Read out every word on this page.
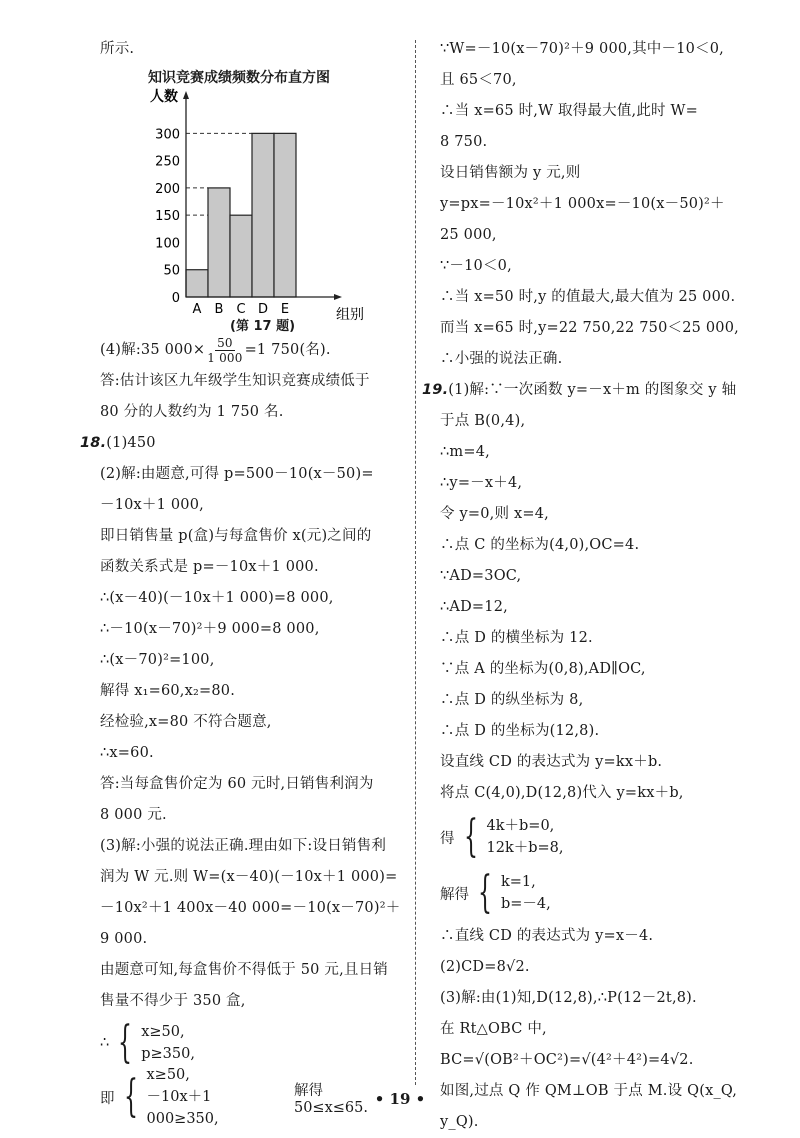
所示.
知识竞赛成绩频数分布直方图
A B C D E
0
50
100
150
200
250
300
人数
组别
(第 17 题)
(4)解:35 $000\times \frac{50}{1 000} =1$ 750(名).
答:估计该区九年级学生知识竞赛成绩低于
80 分的人数约为 1 750 名.
18.(1)450
(2)解:由题意,可得 p=500－10(x－50)=
－10x＋1 000,
即日销售量 p(盒)与每盒售价 x(元)之间的
函数关系式是 p=－10x＋1 000.
∴(x－40)(－10x＋1 000)=8 000,
∴－10(x－70)²＋9 000=8 000,
∴(x－70)²=100,
解得 x₁=60,x₂=80.
经检验,x=80 不符合题意,
∴x=60.
答:当每盒售价定为 60 元时,日销售利润为
8 000 元.
(3)解:小强的说法正确.理由如下:设日销售利
润为 W 元.则 W=(x－40)(－10x＋1 000)=
－10x²＋1 400x－40 000=－10(x－70)²＋
9 000.
由题意可知,每盒售价不得低于 50 元,且日销
售量不得少于 350 盒,
∴ { x≥50,
p≥350,
即 { x≥50,
－10x＋1 000≥350,
解得 50≤x≤65.
∵W=－10(x－70)²＋9 000,其中－10＜0,
且 65＜70,
∴当 x=65 时,W 取得最大值,此时 W=
8 750.
设日销售额为 y 元,则
y=px=－10x²＋1 000x=－10(x－50)²＋
25 000,
∵－10＜0,
∴当 x=50 时,y 的值最大,最大值为 25 000.
而当 x=65 时,y=22 750,22 750＜25 000,
∴小强的说法正确.
19.(1)解:∵一次函数 y=－x＋m 的图象交 y 轴
于点 B(0,4),
∴m=4,
∴y=－x＋4,
令 y=0,则 x=4,
∴点 C 的坐标为(4,0),OC=4.
∵AD=3OC,
∴AD=12,
∴点 D 的横坐标为 12.
∵点 A 的坐标为(0,8),AD∥OC,
∴点 D 的纵坐标为 8,
∴点 D 的坐标为(12,8).
设直线 CD 的表达式为 y=kx＋b.
将点 C(4,0),D(12,8)代入 y=kx＋b,
得 { 4k＋b=0,
12k＋b=8,
解得 { k=1,
b=－4,
∴直线 CD 的表达式为 y=x－4.
(2)CD=8√2.
(3)解:由(1)知,D(12,8),∴P(12－2t,8).
在 Rt△OBC 中,
BC=√(OB²＋OC²)=√(4²＋4²)=4√2.
如图,过点 Q 作 QM⊥OB 于点 M.设 Q(x_Q,
y_Q).
• 19 •
